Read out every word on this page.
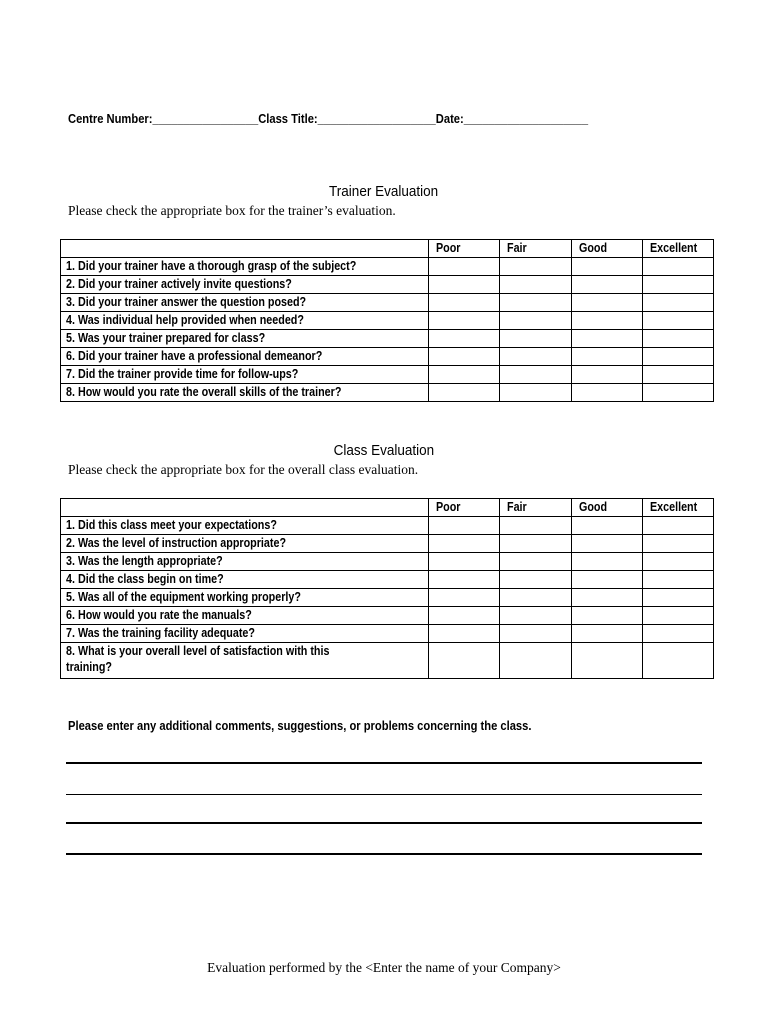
Centre Number:_________________Class Title:___________________Date:____________________
Trainer Evaluation
Please check the appropriate box for the trainer’s evaluation.
	Poor	Fair	Good	Excellent
1. Did your trainer have a thorough grasp of the subject?				
2. Did your trainer actively invite questions?				
3. Did your trainer answer the question posed?				
4. Was individual help provided when needed?				
5. Was your trainer prepared for class?				
6. Did your trainer have a professional demeanor?				
7. Did the trainer provide time for follow-ups?				
8. How would you rate the overall skills of the trainer?				
Class Evaluation
Please check the appropriate box for the overall class evaluation.
	Poor	Fair	Good	Excellent
1. Did this class meet your expectations?				
2. Was the level of instruction appropriate?				
3. Was the length appropriate?				
4. Did the class begin on time?				
5. Was all of the equipment working properly?				
6. How would you rate the manuals?				
7. Was the training facility adequate?				
8. What is your overall level of satisfaction with this
training?				
Please enter any additional comments, suggestions, or problems concerning the class.
Evaluation performed by the <Enter the name of your Company>
